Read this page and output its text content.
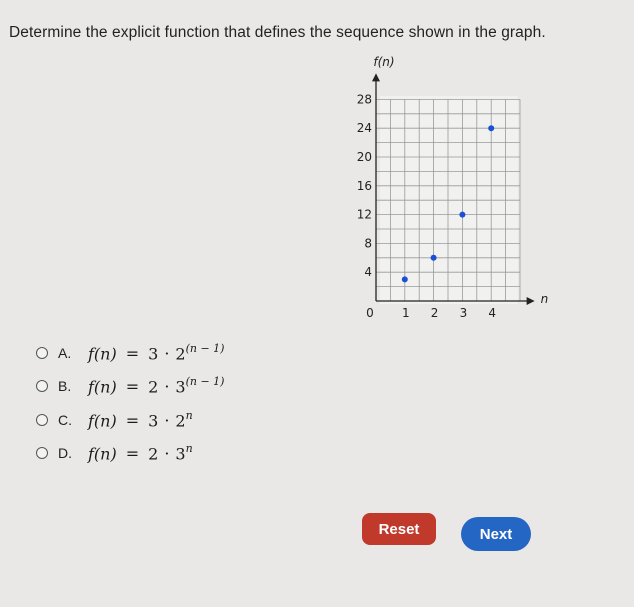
Determine the explicit function that defines the sequence shown in the graph.
4
8
12
16
20
24
28
1 2 3 4
0
f(n)
n
A.	$f(n) = 3 \cdot 2^{(n - 1)}$
B.	$f(n) = 2 \cdot 3^{(n - 1)}$
C.	$f(n) = 3 \cdot 2^n$
D.	$f(n) = 2 \cdot 3^n$
Reset	Next
